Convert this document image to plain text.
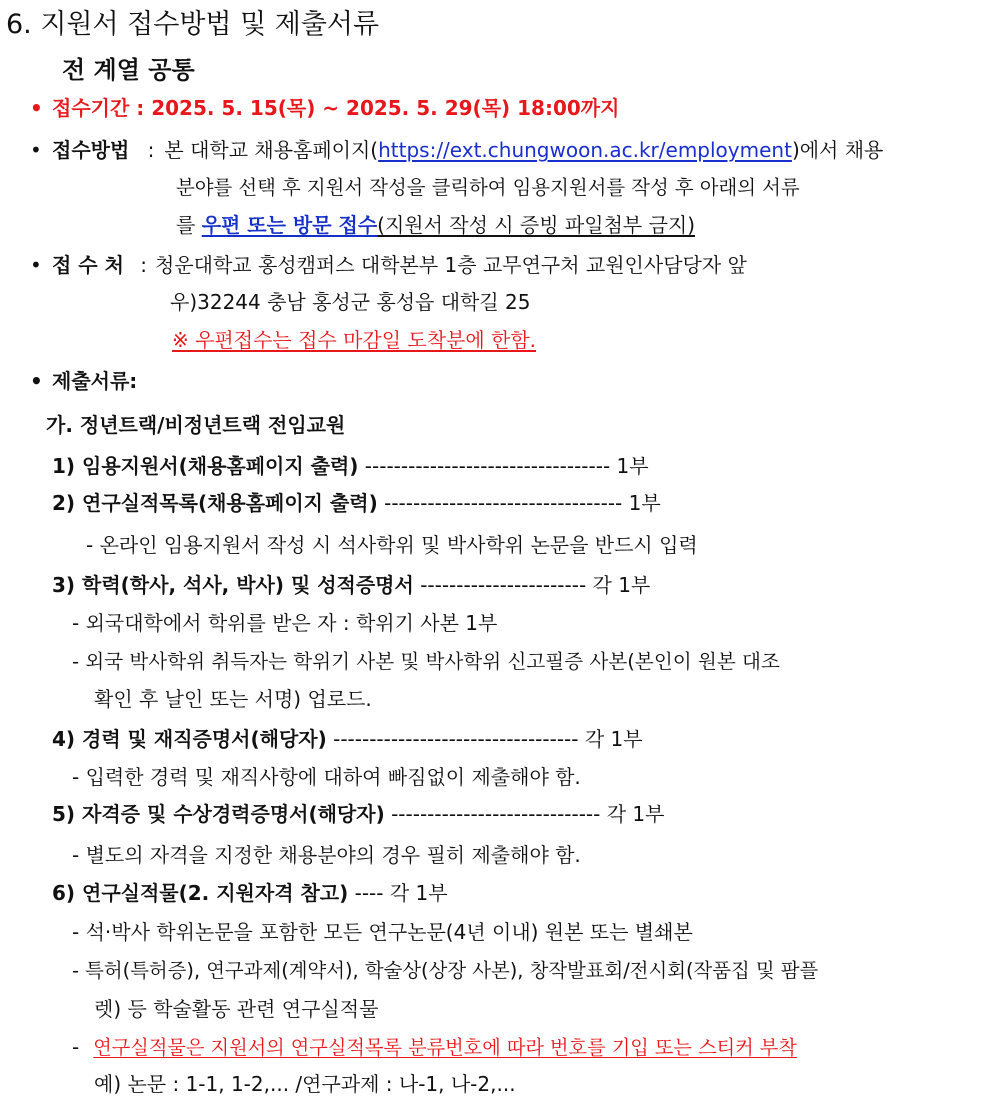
6. 지원서 접수방법 및 제출서류
전 계열 공통
• 접수기간 : 2025. 5. 15(목) ~ 2025. 5. 29(목) 18:00까지
• 접수방법 : 본 대학교 채용홈페이지(https://ext.chungwoon.ac.kr/employment)에서 채용
분야를 선택 후 지원서 작성을 클릭하여 임용지원서를 작성 후 아래의 서류
를 우편 또는 방문 접수(지원서 작성 시 증빙 파일첨부 금지)
• 접 수 처 : 청운대학교 홍성캠퍼스 대학본부 1층 교무연구처 교원인사담당자 앞
우)32244 충남 홍성군 홍성읍 대학길 25
※ 우편접수는 접수 마감일 도착분에 한함.
• 제출서류:
가. 정년트랙/비정년트랙 전임교원
1) 임용지원서(채용홈페이지 출력) ---------------------------------- 1부
2) 연구실적목록(채용홈페이지 출력) --------------------------------- 1부
- 온라인 임용지원서 작성 시 석사학위 및 박사학위 논문을 반드시 입력
3) 학력(학사, 석사, 박사) 및 성적증명서 ----------------------- 각 1부
- 외국대학에서 학위를 받은 자 : 학위기 사본 1부
- 외국 박사학위 취득자는 학위기 사본 및 박사학위 신고필증 사본(본인이 원본 대조
확인 후 날인 또는 서명) 업로드.
4) 경력 및 재직증명서(해당자) ---------------------------------- 각 1부
- 입력한 경력 및 재직사항에 대하여 빠짐없이 제출해야 함.
5) 자격증 및 수상경력증명서(해당자) ----------------------------- 각 1부
- 별도의 자격을 지정한 채용분야의 경우 필히 제출해야 함.
6) 연구실적물(2. 지원자격 참고) ---- 각 1부
- 석·박사 학위논문을 포함한 모든 연구논문(4년 이내) 원본 또는 별쇄본
- 특허(특허증), 연구과제(계약서), 학술상(상장 사본), 창작발표회/전시회(작품집 및 팜플
렛) 등 학술활동 관련 연구실적물
- 연구실적물은 지원서의 연구실적목록 분류번호에 따라 번호를 기입 또는 스티커 부착
예) 논문 : 1-1, 1-2,... /연구과제 : 나-1, 나-2,...
